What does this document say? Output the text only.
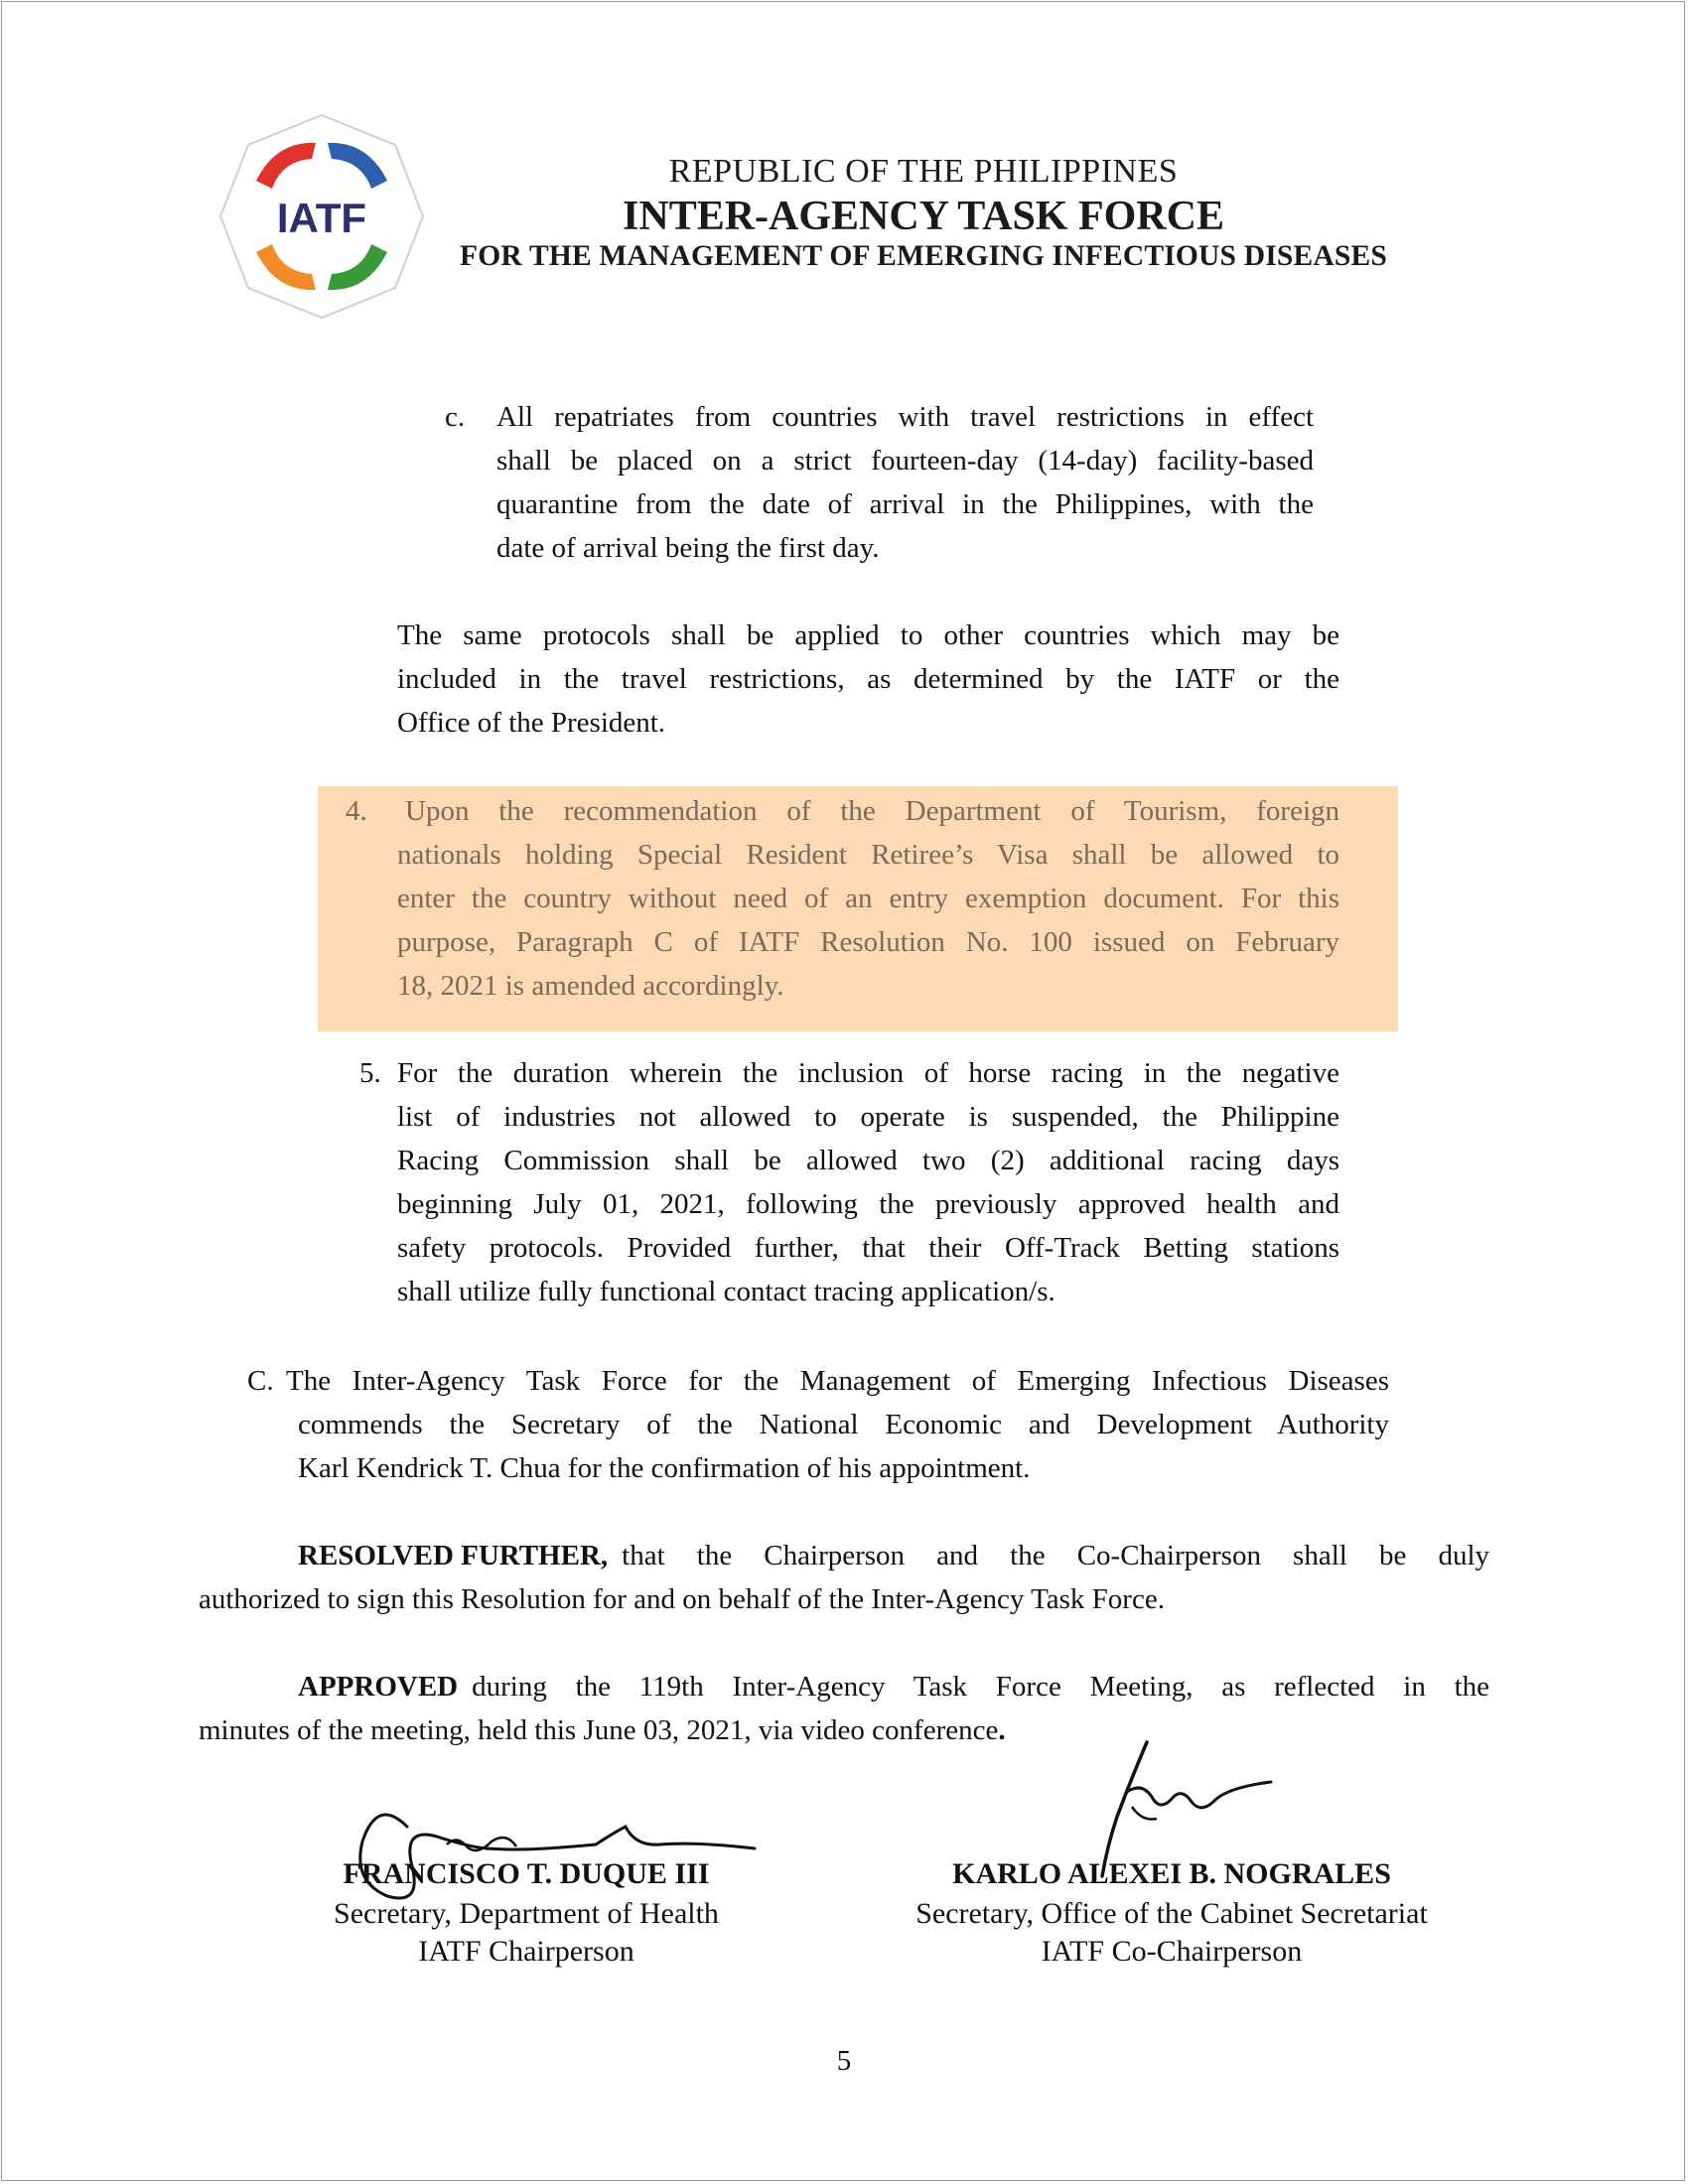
IATF
REPUBLIC OF THE PHILIPPINES
INTER-AGENCY TASK FORCE
FOR THE MANAGEMENT OF EMERGING INFECTIOUS DISEASES
c. All repatriates from countries with travel restrictions in effect
shall be placed on a strict fourteen-day (14-day) facility-based
quarantine from the date of arrival in the Philippines, with the
date of arrival being the first day.
The same protocols shall be applied to other countries which may be
included in the travel restrictions, as determined by the IATF or the
Office of the President.
4. Upon the recommendation of the Department of Tourism, foreign
nationals holding Special Resident Retiree’s Visa shall be allowed to
enter the country without need of an entry exemption document. For this
purpose, Paragraph C of IATF Resolution No. 100 issued on February
18, 2021 is amended accordingly.
5. For the duration wherein the inclusion of horse racing in the negative
list of industries not allowed to operate is suspended, the Philippine
Racing Commission shall be allowed two (2) additional racing days
beginning July 01, 2021, following the previously approved health and
safety protocols. Provided further, that their Off-Track Betting stations
shall utilize fully functional contact tracing application/s.
C. The Inter-Agency Task Force for the Management of Emerging Infectious Diseases
commends the Secretary of the National Economic and Development Authority
Karl Kendrick T. Chua for the confirmation of his appointment.
RESOLVED FURTHER, that the Chairperson and the Co-Chairperson shall be duly
authorized to sign this Resolution for and on behalf of the Inter-Agency Task Force.
APPROVED during the 119th Inter-Agency Task Force Meeting, as reflected in the
minutes of the meeting, held this June 03, 2021, via video conference.
FRANCISCO T. DUQUE III
Secretary, Department of Health
IATF Chairperson
KARLO ALEXEI B. NOGRALES
Secretary, Office of the Cabinet Secretariat
IATF Co-Chairperson
5
